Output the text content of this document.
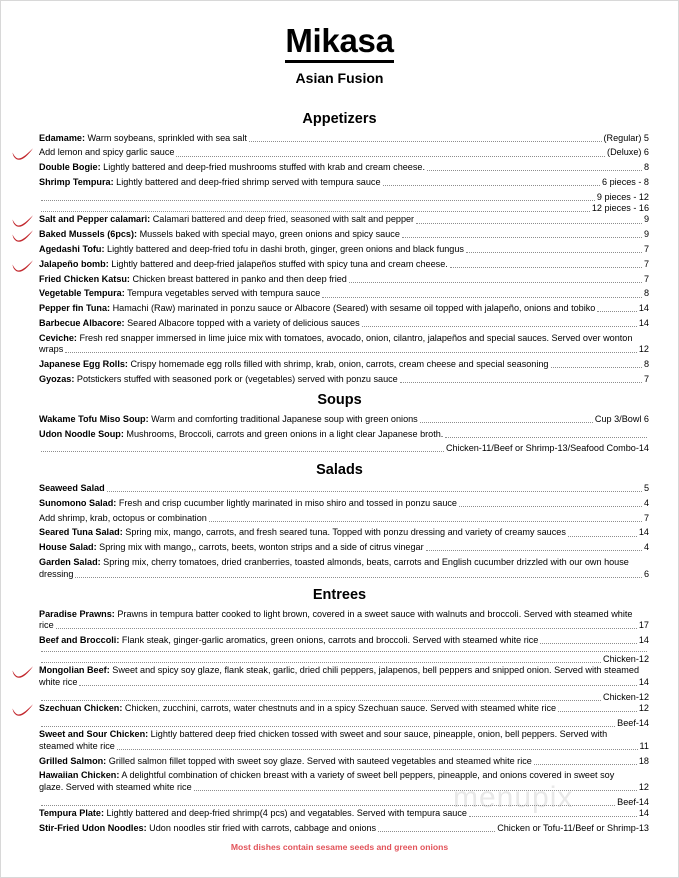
menupix
Mikasa
Asian Fusion
Appetizers
Edamame: Warm soybeans, sprinkled with sea salt	(Regular) 5
Add lemon and spicy garlic sauce	(Deluxe) 6
Double Bogie: Lightly battered and deep-fried mushrooms stuffed with krab and cream cheese.	8
Shrimp Tempura: Lightly battered and deep-fried shrimp served with tempura sauce	6 pieces - 8
9 pieces - 12
12 pieces - 16
Salt and Pepper calamari: Calamari battered and deep fried, seasoned with salt and pepper	9
Baked Mussels (6pcs): Mussels baked with special mayo, green onions and spicy sauce	9
Agedashi Tofu: Lightly battered and deep-fried tofu in dashi broth, ginger, green onions and black fungus	7
Jalapeño bomb: Lightly battered and deep-fried jalapeños stuffed with spicy tuna and cream cheese.	7
Fried Chicken Katsu: Chicken breast battered in panko and then deep fried	7
Vegetable Tempura: Tempura vegetables served with tempura sauce	8
Pepper fin Tuna: Hamachi (Raw) marinated in ponzu sauce or Albacore (Seared) with sesame oil topped with jalapeño, onions and tobiko	14
Barbecue Albacore: Seared Albacore topped with a variety of delicious sauces	14
Ceviche: Fresh red snapper immersed in lime juice mix with tomatoes, avocado, onion, cilantro, jalapeños and special sauces. Served over wonton
wraps	12
Japanese Egg Rolls: Crispy homemade egg rolls filled with shrimp, krab, onion, carrots, cream cheese and special seasoning	8
Gyozas: Potstickers stuffed with seasoned pork or (vegetables) served with ponzu sauce	7
Soups
Wakame Tofu Miso Soup: Warm and comforting traditional Japanese soup with green onions	Cup 3/Bowl 6
Udon Noodle Soup: Mushrooms, Broccoli, carrots and green onions in a light clear Japanese broth.
Chicken-11/Beef or Shrimp-13/Seafood Combo-14
Salads
Seaweed Salad	5
Sunomono Salad: Fresh and crisp cucumber lightly marinated in miso shiro and tossed in ponzu sauce	4
Add shrimp, krab, octopus or combination	7
Seared Tuna Salad: Spring mix, mango, carrots, and fresh seared tuna. Topped with ponzu dressing and variety of creamy sauces	14
House Salad: Spring mix with mango,, carrots, beets, wonton strips and a side of citrus vinegar	4
Garden Salad: Spring mix, cherry tomatoes, dried cranberries, toasted almonds, beats, carrots and English cucumber drizzled with our own house
dressing	6
Entrees
Paradise Prawns: Prawns in tempura batter cooked to light brown, covered in a sweet sauce with walnuts and broccoli. Served with steamed white
rice	17
Beef and Broccoli: Flank steak, ginger-garlic aromatics, green onions, carrots and broccoli. Served with steamed white rice	14
Chicken-12
Mongolian Beef: Sweet and spicy soy glaze, flank steak, garlic, dried chili peppers, jalapenos, bell peppers and snipped onion. Served with steamed
white rice	14
Chicken-12
Szechuan Chicken: Chicken, zucchini, carrots, water chestnuts and in a spicy Szechuan sauce. Served with steamed white rice	12
Beef-14
Sweet and Sour Chicken: Lightly battered deep fried chicken tossed with sweet and sour sauce, pineapple, onion, bell peppers. Served with
steamed white rice	11
Grilled Salmon: Grilled salmon fillet topped with sweet soy glaze. Served with sauteed vegetables and steamed white rice	18
Hawaiian Chicken: A delightful combination of chicken breast with a variety of sweet bell peppers, pineapple, and onions covered in sweet soy
glaze. Served with steamed white rice	12
Beef-14
Tempura Plate: Lightly battered and deep-fried shrimp(4 pcs) and vegatables. Served with tempura sauce	14
Stir-Fried Udon Noodles: Udon noodles stir fried with carrots, cabbage and onions	Chicken or Tofu-11/Beef or Shrimp-13
Most dishes contain sesame seeds and green onions
